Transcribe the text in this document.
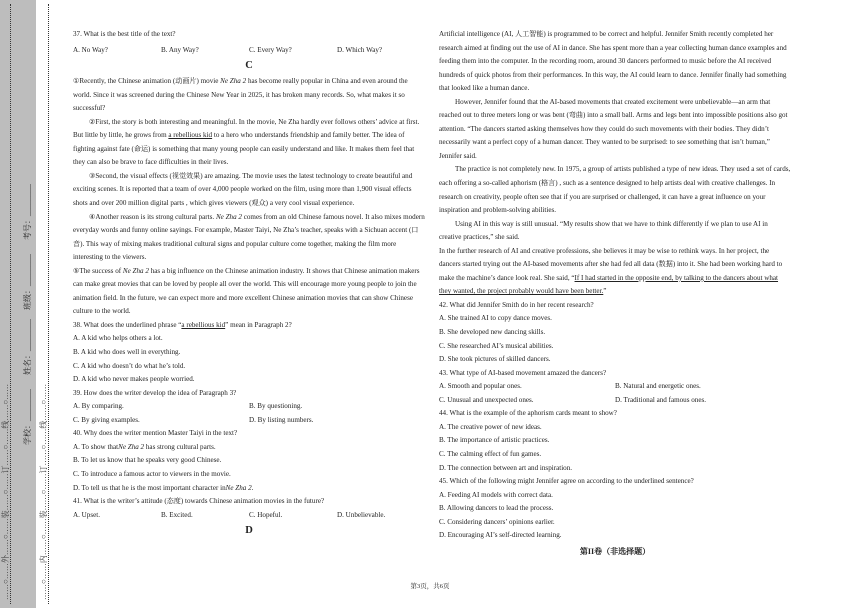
……○……外……○……装……○……订……○……线……○……	……○……内……○……装……○……订……○……线……○……
学校：________
姓名：________
班级：________
考号：________

37. What is the best title of the text?

A. No Way?	B. Any Way?	C. Every Way?	D. Which Way?
C

①Recently, the Chinese animation (动画片) movie Ne Zha 2 has become really popular in China and even around the world. Since it was screened during the Chinese New Year in 2025, it has broken many records. So, what makes it so successful?

②First, the story is both interesting and meaningful. In the movie, Ne Zha hardly ever follows others’ advice at first. But little by little, he grows from a rebellious kid to a hero who understands friendship and family better. The idea of fighting against fate (命运) is something that many young people can easily understand and like. It makes them feel that they can also be brave to face difficulties in their lives.

③Second, the visual effects (视觉效果) are amazing. The movie uses the latest technology to create beautiful and exciting scenes. It is reported that a team of over 4,000 people worked on the film, using more than 1,900 visual effects shots and over 200 million digital parts , which gives viewers (观众) a very cool visual experience.

④Another reason is its strong cultural parts. Ne Zha 2 comes from an old Chinese famous novel. It also mixes modern everyday words and funny online sayings. For example, Master Taiyi, Ne Zha’s teacher, speaks with a Sichuan accent (口音). This way of mixing makes traditional cultural signs and popular culture come together, making the film more interesting to the viewers.

⑤The success of Ne Zha 2 has a big influence on the Chinese animation industry. It shows that Chinese animation makers can make great movies that can be loved by people all over the world. This will encourage more young people to join the animation field. In the future, we can expect more and more excellent Chinese animation movies that can show Chinese culture to the world.

38. What does the underlined phrase “a rebellious kid” mean in Paragraph 2?

A. A kid who helps others a lot.

B. A kid who does well in everything.

C. A kid who doesn’t do what he’s told.

D. A kid who never makes people worried.

39. How does the writer develop the idea of Paragraph 3?

A. By comparing.	B. By questioning.
C. By giving examples.	D. By listing numbers.

40. Why does the writer mention Master Taiyi in the text?

A. To show thatNe Zha 2 has strong cultural parts.

B. To let us know that he speaks very good Chinese.

C. To introduce a famous actor to viewers in the movie.

D. To tell us that he is the most important character inNe Zha 2.

41. What is the writer’s attitude (态度) towards Chinese animation movies in the future?

A. Upset.	B. Excited.	C. Hopeful.	D. Unbelievable.
D

Artificial intelligence (AI, 人工智能) is programmed to be correct and helpful. Jennifer Smith recently completed her research aimed at finding out the use of AI in dance. She has spent more than a year collecting human dance examples and feeding them into the computer. In the recording room, around 30 dancers performed to music before the AI received hundreds of quick photos from their performances. In this way, the AI could learn to dance. Jennifer finally had something that looked like a human dance.

However, Jennifer found that the AI-based movements that created excitement were unbelievable—an arm that reached out to three meters long or was bent (弯曲) into a small ball. Arms and legs bent into impossible positions also got attention. “The dancers started asking themselves how they could do such movements with their bodies. They didn’t necessarily want a perfect copy of a human dancer. They wanted to be surprised: to see something that isn’t human,” Jennifer said.

The practice is not completely new. In 1975, a group of artists published a type of new ideas. They used a set of cards, each offering a so-called aphorism (格言) , such as a sentence designed to help artists deal with creative challenges. In research on creativity, people often see that if you are surprised or challenged, it can have a great influence on your inspiration and problem-solving abilities.

Using AI in this way is still unusual. “My results show that we have to think differently if we plan to use AI in creative practices,” she said.

In the further research of AI and creative professions, she believes it may be wise to rethink ways. In her project, the dancers started trying out the AI-based movements after she had fed all data (数据) into it. She had been working hard to make the machine’s dance look real. She said, “If I had started in the opposite end, by talking to the dancers about what they wanted, the project probably would have been better.”

42. What did Jennifer Smith do in her recent research?

A. She trained AI to copy dance moves.

B. She developed new dancing skills.

C. She researched AI’s musical abilities.

D. She took pictures of skilled dancers.

43. What type of AI-based movement amazed the dancers?

A. Smooth and popular ones.	B. Natural and energetic ones.
C. Unusual and unexpected ones.	D. Traditional and famous ones.

44. What is the example of the aphorism cards meant to show?

A. The creative power of new ideas.

B. The importance of artistic practices.

C. The calming effect of fun games.

D. The connection between art and inspiration.

45. Which of the following might Jennifer agree on according to the underlined sentence?

A. Feeding AI models with correct data.

B. Allowing dancers to lead the process.

C. Considering dancers’ opinions earlier.

D. Encouraging AI’s self-directed learning.

第II卷（非选择题）
第3页，共6页
